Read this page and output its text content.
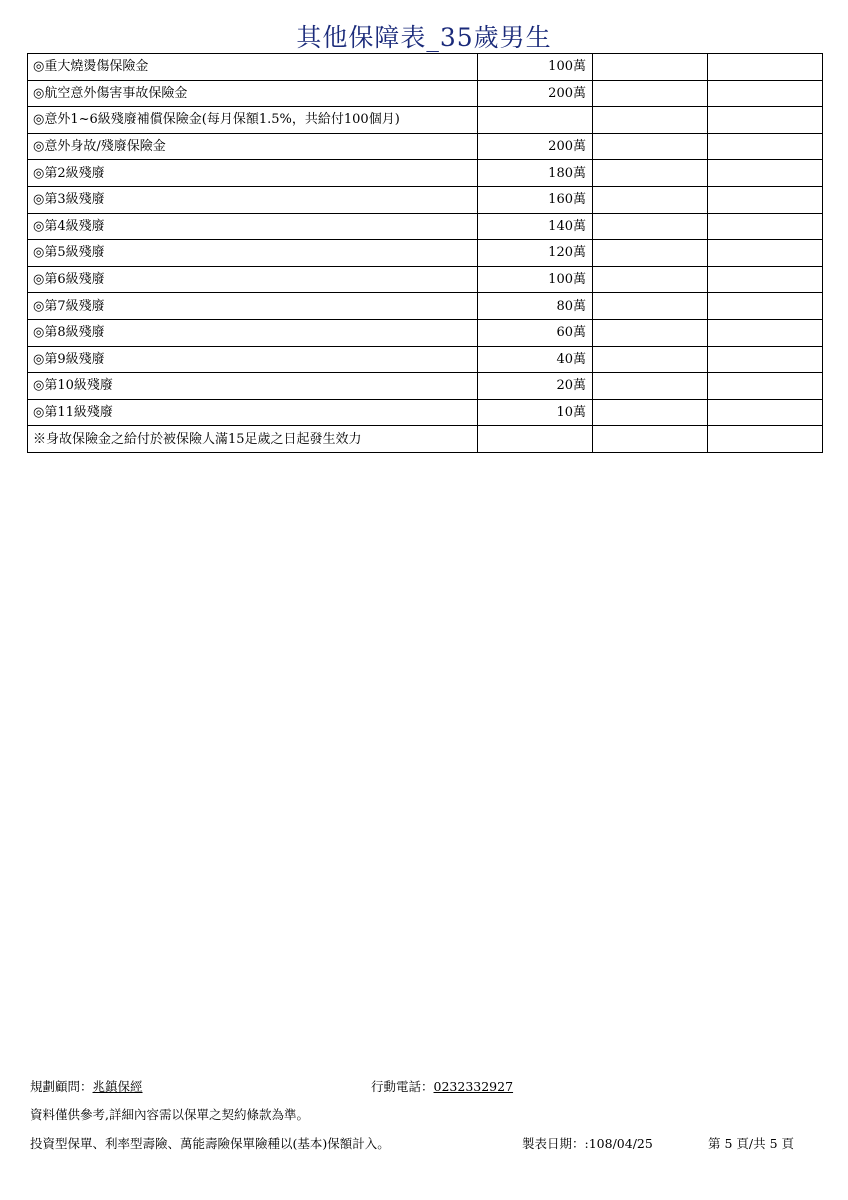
其他保障表_35歲男生
◎重大燒燙傷保險金	100萬		
◎航空意外傷害事故保險金	200萬		
◎意外1~6級殘廢補償保險金(每月保額1.5%，共給付100個月)			
◎意外身故/殘廢保險金	200萬		
◎第2級殘廢	180萬		
◎第3級殘廢	160萬		
◎第4級殘廢	140萬		
◎第5級殘廢	120萬		
◎第6級殘廢	100萬		
◎第7級殘廢	80萬		
◎第8級殘廢	60萬		
◎第9級殘廢	40萬		
◎第10級殘廢	20萬		
◎第11級殘廢	10萬		
※身故保險金之給付於被保險人滿15足歲之日起發生效力			
規劃顧問：兆鎮保經	行動電話：0232332927
資料僅供參考,詳細內容需以保單之契約條款為準。
投資型保單、利率型壽險、萬能壽險保單險種以(基本)保額計入。	製表日期：:108/04/25	第 5 頁/共 5 頁
